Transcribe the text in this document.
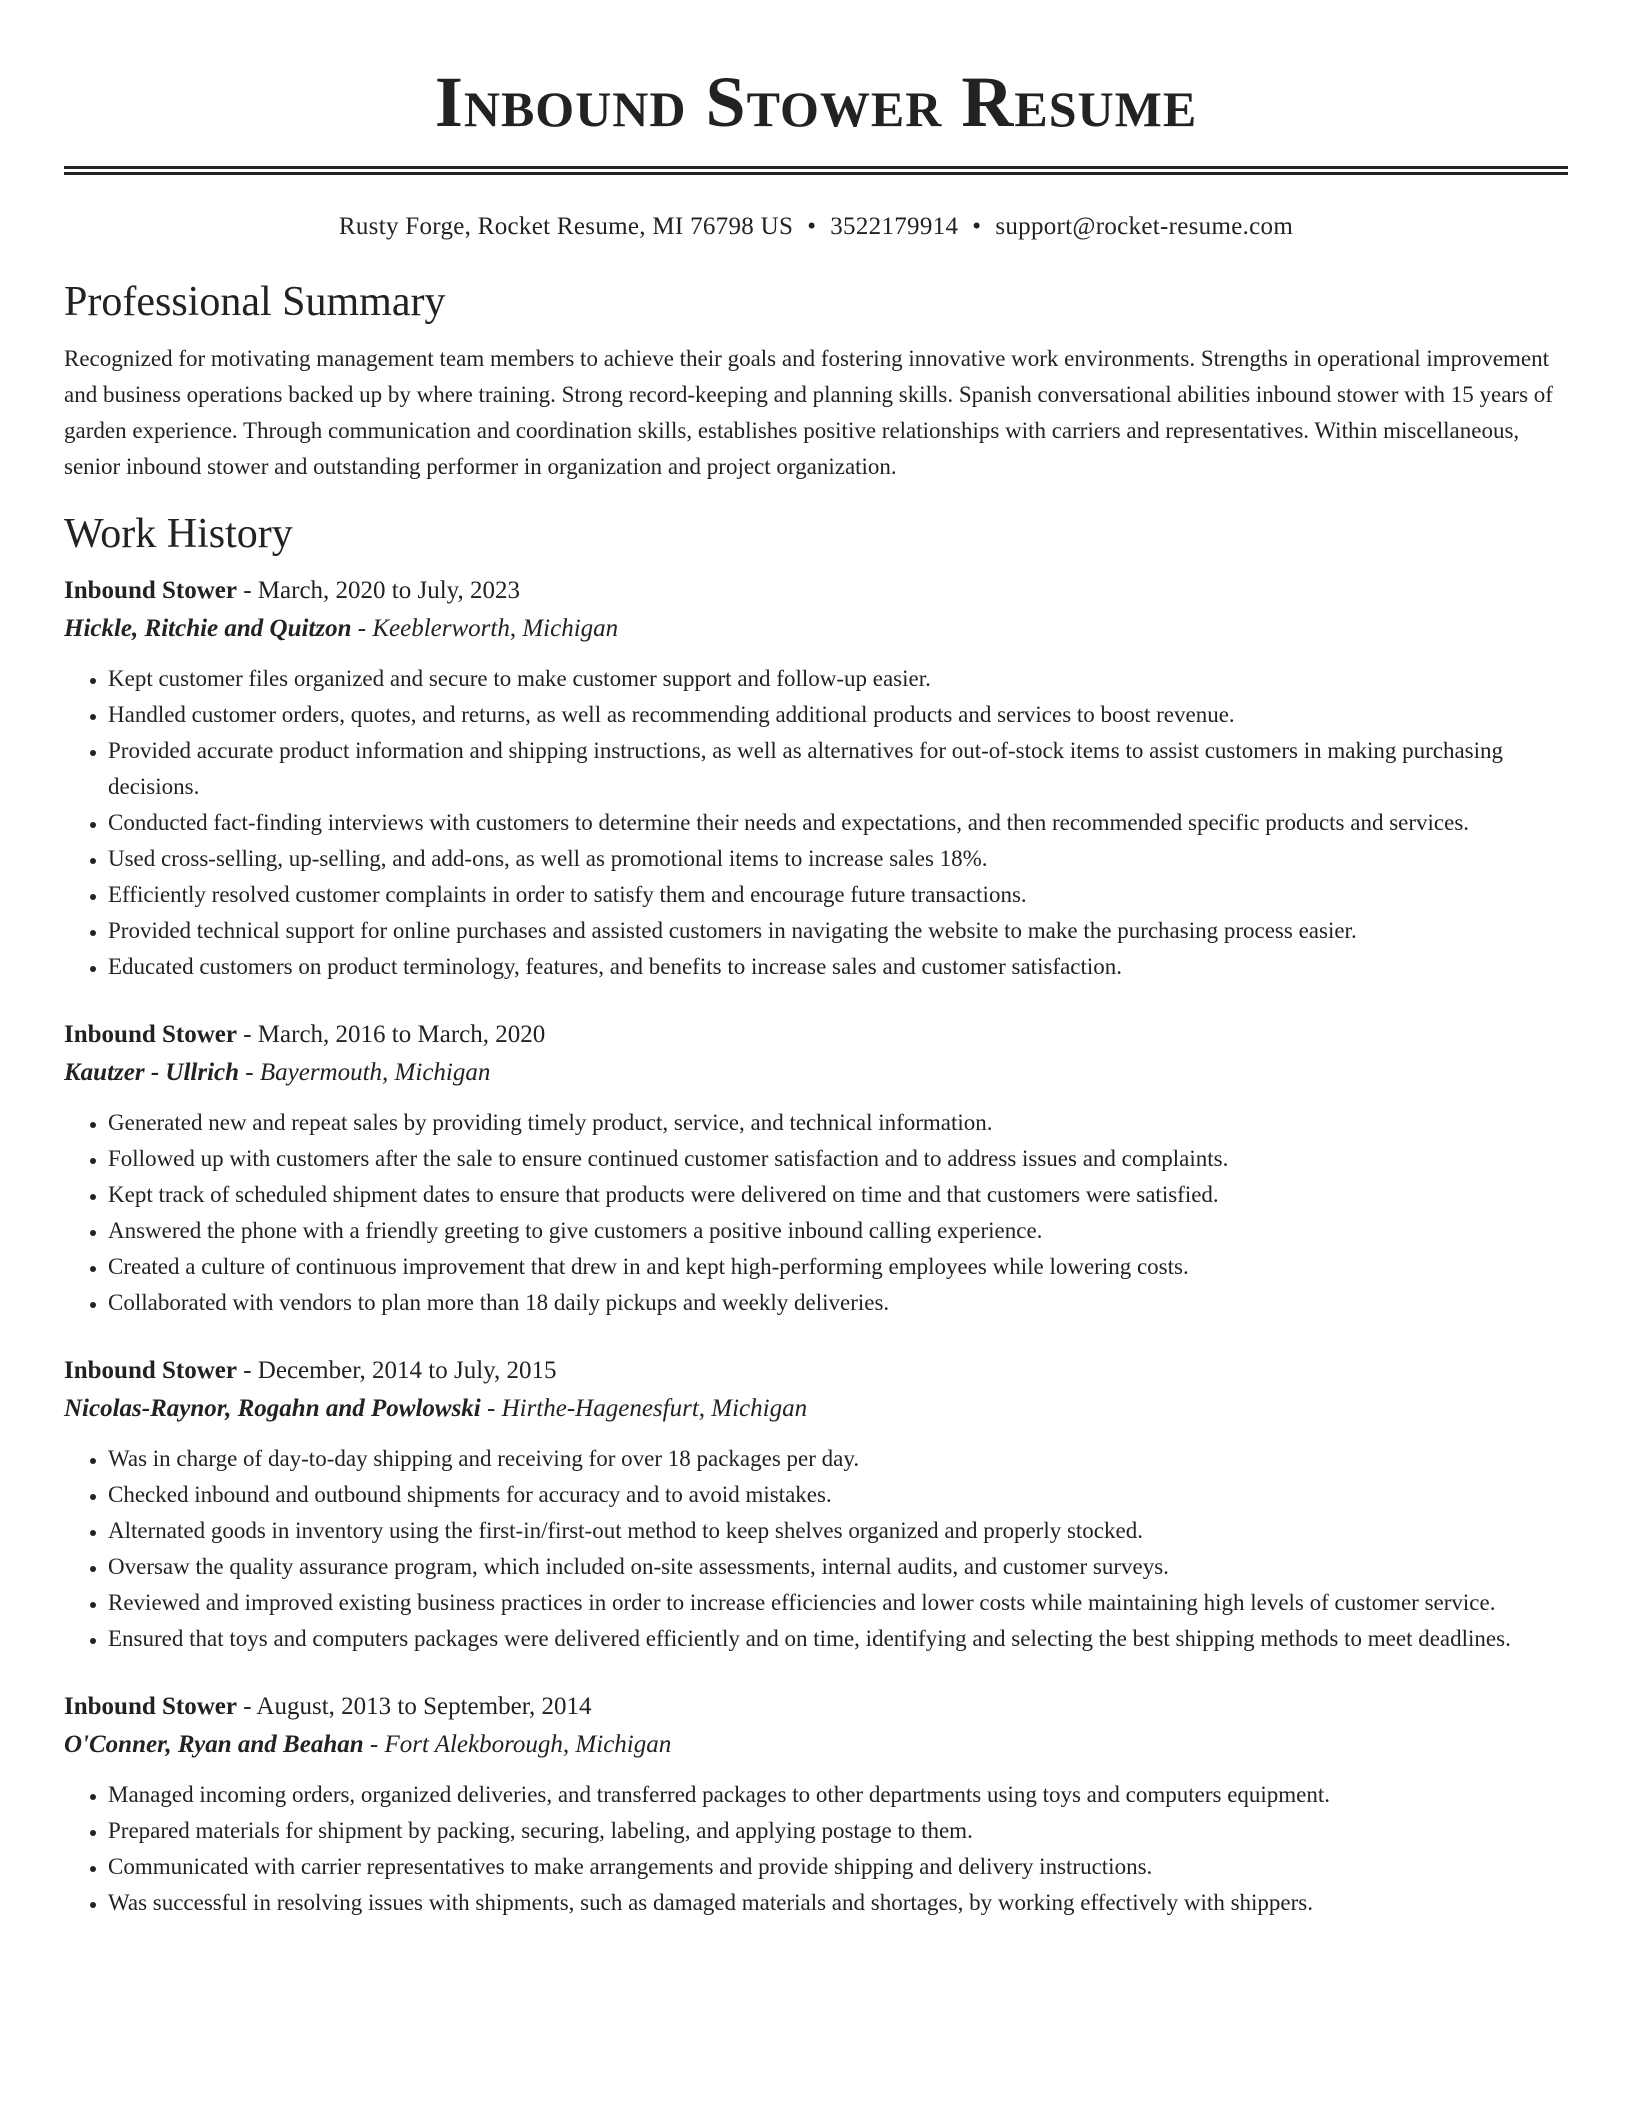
Inbound Stower Resume
Rusty Forge, Rocket Resume, MI 76798 US • 3522179914 • support@rocket-resume.com
Professional Summary

Recognized for motivating management team members to achieve their goals and fostering innovative work environments. Strengths in operational improvement and business operations backed up by where training. Strong record-keeping and planning skills. Spanish conversational abilities inbound stower with 15 years of garden experience. Through communication and coordination skills, establishes positive relationships with carriers and representatives. Within miscellaneous, senior inbound stower and outstanding performer in organization and project organization.

Work History
Inbound Stower - March, 2020 to July, 2023
Hickle, Ritchie and Quitzon - Keeblerworth, Michigan
• Kept customer files organized and secure to make customer support and follow-up easier.
• Handled customer orders, quotes, and returns, as well as recommending additional products and services to boost revenue.
• Provided accurate product information and shipping instructions, as well as alternatives for out-of-stock items to assist customers in making purchasing decisions.
• Conducted fact-finding interviews with customers to determine their needs and expectations, and then recommended specific products and services.
• Used cross-selling, up-selling, and add-ons, as well as promotional items to increase sales 18%.
• Efficiently resolved customer complaints in order to satisfy them and encourage future transactions.
• Provided technical support for online purchases and assisted customers in navigating the website to make the purchasing process easier.
• Educated customers on product terminology, features, and benefits to increase sales and customer satisfaction.
Inbound Stower - March, 2016 to March, 2020
Kautzer - Ullrich - Bayermouth, Michigan
• Generated new and repeat sales by providing timely product, service, and technical information.
• Followed up with customers after the sale to ensure continued customer satisfaction and to address issues and complaints.
• Kept track of scheduled shipment dates to ensure that products were delivered on time and that customers were satisfied.
• Answered the phone with a friendly greeting to give customers a positive inbound calling experience.
• Created a culture of continuous improvement that drew in and kept high-performing employees while lowering costs.
• Collaborated with vendors to plan more than 18 daily pickups and weekly deliveries.
Inbound Stower - December, 2014 to July, 2015
Nicolas-Raynor, Rogahn and Powlowski - Hirthe-Hagenesfurt, Michigan
• Was in charge of day-to-day shipping and receiving for over 18 packages per day.
• Checked inbound and outbound shipments for accuracy and to avoid mistakes.
• Alternated goods in inventory using the first-in/first-out method to keep shelves organized and properly stocked.
• Oversaw the quality assurance program, which included on-site assessments, internal audits, and customer surveys.
• Reviewed and improved existing business practices in order to increase efficiencies and lower costs while maintaining high levels of customer service.
• Ensured that toys and computers packages were delivered efficiently and on time, identifying and selecting the best shipping methods to meet deadlines.
Inbound Stower - August, 2013 to September, 2014
O'Conner, Ryan and Beahan - Fort Alekborough, Michigan
• Managed incoming orders, organized deliveries, and transferred packages to other departments using toys and computers equipment.
• Prepared materials for shipment by packing, securing, labeling, and applying postage to them.
• Communicated with carrier representatives to make arrangements and provide shipping and delivery instructions.
• Was successful in resolving issues with shipments, such as damaged materials and shortages, by working effectively with shippers.
